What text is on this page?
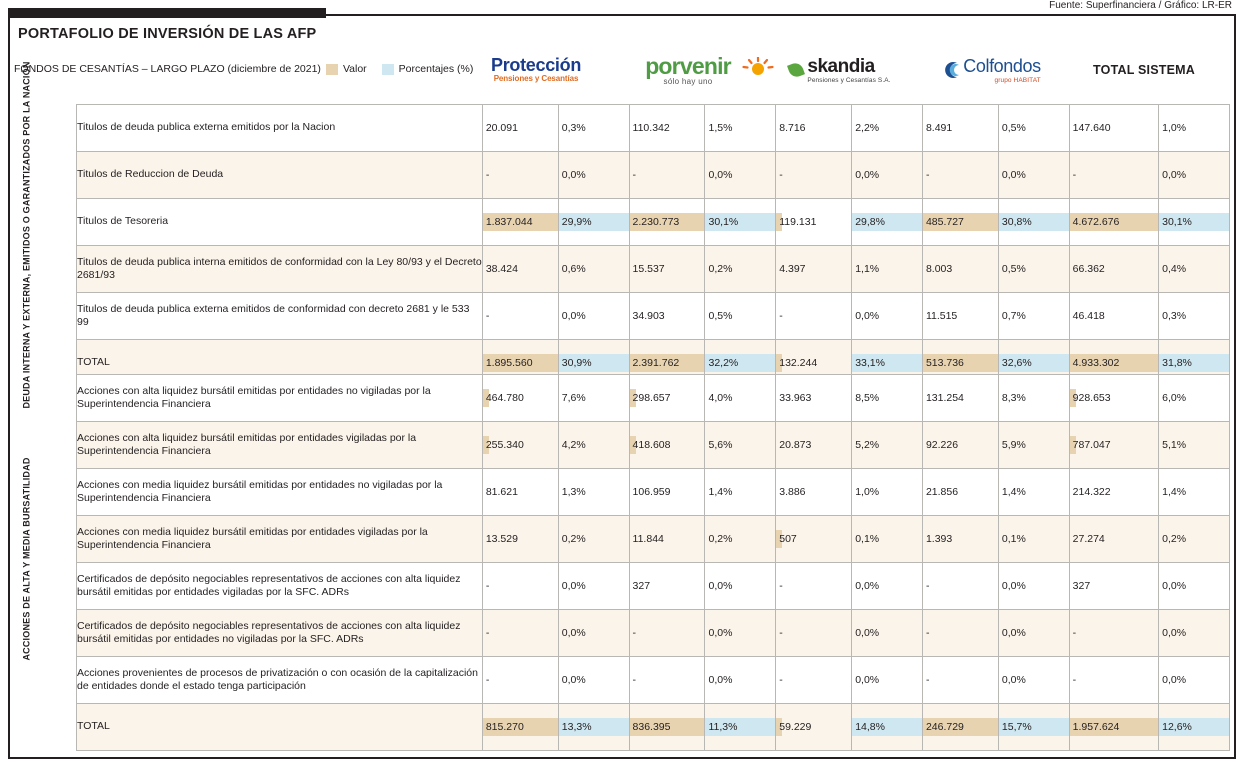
Fuente: Superfinanciera / Gráfico: LR-ER
PORTAFOLIO DE INVERSIÓN DE LAS AFP
FONDOS DE CESANTÍAS – LARGO PLAZO (diciembre de 2021) Valor	Porcentajes (%) Protección
Pensiones y Cesantías
porvenir
sólo hay uno
skandia
Pensiones y Cesantías S.A.
Colfondos
grupo HABITAT
TOTAL SISTEMA
DEUDA INTERNA Y EXTERNA, EMITIDOS O GARANTIZADOS POR LA NACIÓN
ACCIONES DE ALTA Y MEDIA BURSATILIDAD
Titulos de deuda publica externa emitidos por la Nacion	20.091	0,3%	110.342	1,5%	8.716	2,2%	8.491	0,5%	147.640	1,0%

Titulos de Reduccion de Deuda	-	0,0%	-	0,0%	-	0,0%	-	0,0%	-	0,0%

Titulos de Tesoreria	1.837.044	29,9%	2.230.773	30,1%	119.131	29,8%	485.727	30,8%	4.672.676	30,1%

Titulos de deuda publica interna emitidos de conformidad con la Ley 80/93 y el Decreto 2681/93	38.424	0,6%	15.537	0,2%	4.397	1,1%	8.003	0,5%	66.362	0,4%

Titulos de deuda publica externa emitidos de conformidad con decreto 2681 y le 533 99	-	0,0%	34.903	0,5%	-	0,0%	11.515	0,7%	46.418	0,3%

TOTAL	1.895.560	30,9%	2.391.762	32,2%	132.244	33,1%	513.736	32,6%	4.933.302	31,8%
Acciones con alta liquidez bursátil emitidas por entidades no vigiladas por la Superintendencia Financiera	464.780	7,6%	298.657	4,0%	33.963	8,5%	131.254	8,3%	928.653	6,0%

Acciones con alta liquidez bursátil emitidas por entidades vigiladas por la Superintendencia Financiera	255.340	4,2%	418.608	5,6%	20.873	5,2%	92.226	5,9%	787.047	5,1%

Acciones con media liquidez bursátil emitidas por entidades no vigiladas por la Superintendencia Financiera	81.621	1,3%	106.959	1,4%	3.886	1,0%	21.856	1,4%	214.322	1,4%

Acciones con media liquidez bursátil emitidas por entidades vigiladas por la Superintendencia Financiera	13.529	0,2%	11.844	0,2%	507	0,1%	1.393	0,1%	27.274	0,2%

Certificados de depósito negociables representativos de acciones con alta liquidez bursátil emitidas por entidades vigiladas por la SFC. ADRs	-	0,0%	327	0,0%	-	0,0%	-	0,0%	327	0,0%

Certificados de depósito negociables representativos de acciones con alta liquidez bursátil emitidas por entidades no vigiladas por la SFC. ADRs	-	0,0%	-	0,0%	-	0,0%	-	0,0%	-	0,0%

Acciones provenientes de procesos de privatización o con ocasión de la capitalización de entidades donde el estado tenga participación	-	0,0%	-	0,0%	-	0,0%	-	0,0%	-	0,0%

TOTAL	815.270	13,3%	836.395	11,3%	59.229	14,8%	246.729	15,7%	1.957.624	12,6%
